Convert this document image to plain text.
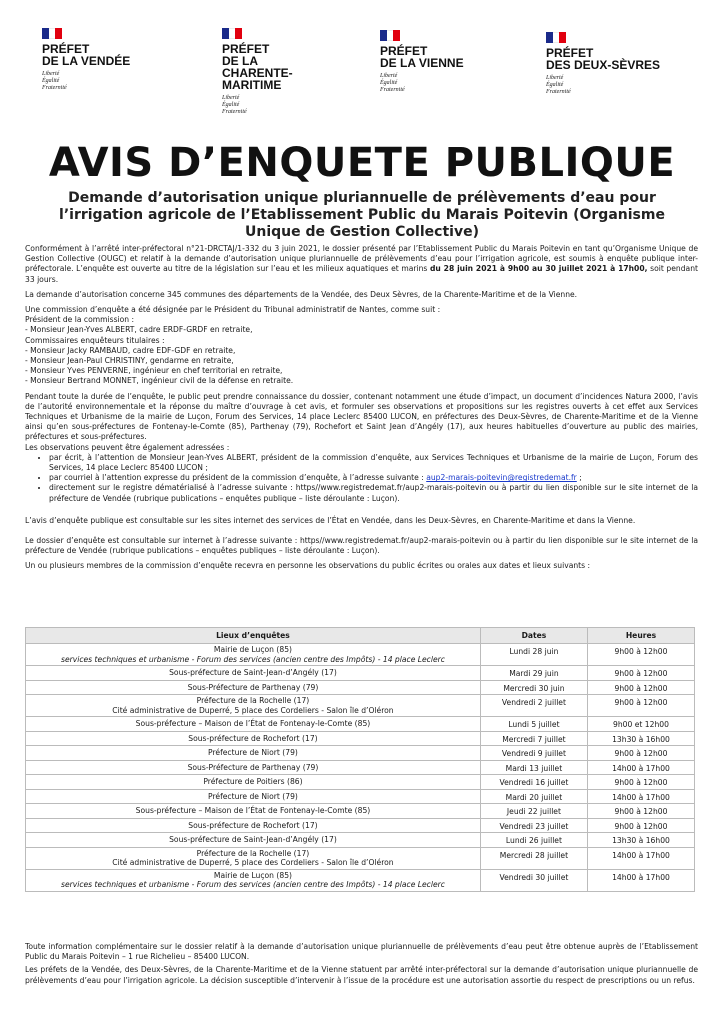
PRÉFET
DE LA VENDÉE
Liberté
Égalité
Fraternité
PRÉFET
DE LA
CHARENTE-
MARITIME
Liberté
Égalité
Fraternité
PRÉFET
DE LA VIENNE
Liberté
Égalité
Fraternité
PRÉFET
DES DEUX-SÈVRES
Liberté
Égalité
Fraternité
AVIS D’ENQUETE PUBLIQUE
Demande d’autorisation unique pluriannuelle de prélèvements d’eau pour l’irrigation agricole de l’Etablissement Public du Marais Poitevin (Organisme Unique de Gestion Collective)

Conformément à l’arrêté inter-préfectoral n°21-DRCTAJ/1-332 du 3 juin 2021, le dossier présenté par l’Etablissement Public du Marais Poitevin en tant qu’Organisme Unique de Gestion Collective (OUGC) et relatif à la demande d’autorisation unique pluriannuelle de prélèvements d’eau pour l’irrigation agricole, est soumis à enquête publique inter-préfectorale. L’enquête est ouverte au titre de la législation sur l’eau et les milieux aquatiques et marins du 28 juin 2021 à 9h00 au 30 juillet 2021 à 17h00, soit pendant 33 jours.

La demande d’autorisation concerne 345 communes des départements de la Vendée, des Deux Sèvres, de la Charente-Maritime et de la Vienne.

Une commission d’enquête a été désignée par le Président du Tribunal administratif de Nantes, comme suit :
Président de la commission :
- Monsieur Jean-Yves ALBERT, cadre ERDF-GRDF en retraite,
Commissaires enquêteurs titulaires :
- Monsieur Jacky RAMBAUD, cadre EDF-GDF en retraite,
- Monsieur Jean-Paul CHRISTINY, gendarme en retraite,
- Monsieur Yves PENVERNE, ingénieur en chef territorial en retraite,
- Monsieur Bertrand MONNET, ingénieur civil de la défense en retraite.

Pendant toute la durée de l’enquête, le public peut prendre connaissance du dossier, contenant notamment une étude d’impact, un document d’incidences Natura 2000, l’avis de l’autorité environnementale et la réponse du maître d’ouvrage à cet avis, et formuler ses observations et propositions sur les registres ouverts à cet effet aux Services Techniques et Urbanisme de la mairie de Luçon, Forum des Services, 14 place Leclerc 85400 LUCON, en préfectures des Deux-Sèvres, de Charente-Maritime et de la Vienne ainsi qu’en sous-préfectures de Fontenay-le-Comte (85), Parthenay (79), Rochefort et Saint Jean d’Angély (17), aux heures habituelles d’ouverture au public des mairies, préfectures et sous-préfectures.
Les observations peuvent être également adressées :

• par écrit, à l’attention de Monsieur Jean-Yves ALBERT, président de la commission d’enquête, aux Services Techniques et Urbanisme de la mairie de Luçon, Forum des Services, 14 place Leclerc 85400 LUCON ;
• par courriel à l’attention expresse du président de la commission d’enquête, à l’adresse suivante : aup2-marais-poitevin@registredemat.fr ;
• directement sur le registre dématérialisé à l’adresse suivante : https//www.registredemat.fr/aup2-marais-poitevin ou à partir du lien disponible sur le site internet de la préfecture de Vendée (rubrique publications – enquêtes publique – liste déroulante : Luçon).

L’avis d’enquête publique est consultable sur les sites internet des services de l’État en Vendée, dans les Deux-Sèvres, en Charente-Maritime et dans la Vienne.

Le dossier d’enquête est consultable sur internet à l’adresse suivante : https//www.registredemat.fr/aup2-marais-poitevin ou à partir du lien disponible sur le site internet de la préfecture de Vendée (rubrique publications – enquêtes publiques – liste déroulante : Luçon).

Un ou plusieurs membres de la commission d’enquête recevra en personne les observations du public écrites ou orales aux dates et lieux suivants :

Lieux d’enquêtes	Dates	Heures

Mairie de Luçon (85)
services techniques et urbanisme - Forum des services (ancien centre des Impôts) - 14 place Leclerc	Lundi 28 juin	9h00 à 12h00

Sous-préfecture de Saint-Jean-d’Angély (17)	Mardi 29 juin	9h00 à 12h00

Sous-Préfecture de Parthenay (79)	Mercredi 30 juin	9h00 à 12h00

Préfecture de la Rochelle (17)
Cité administrative de Duperré, 5 place des Cordeliers - Salon île d’Oléron	Vendredi 2 juillet	9h00 à 12h00

Sous-préfecture – Maison de l’État de Fontenay-le-Comte (85)	Lundi 5 juillet	9h00 et 12h00

Sous-préfecture de Rochefort (17)	Mercredi 7 juillet	13h30 à 16h00

Préfecture de Niort (79)	Vendredi 9 juillet	9h00 à 12h00

Sous-Préfecture de Parthenay (79)	Mardi 13 juillet	14h00 à 17h00

Préfecture de Poitiers (86)	Vendredi 16 juillet	9h00 à 12h00

Préfecture de Niort (79)	Mardi 20 juillet	14h00 à 17h00

Sous-préfecture – Maison de l’État de Fontenay-le-Comte (85)	Jeudi 22 juillet	9h00 à 12h00

Sous-préfecture de Rochefort (17)	Vendredi 23 juillet	9h00 à 12h00

Sous-préfecture de Saint-Jean-d’Angély (17)	Lundi 26 juillet	13h30 à 16h00

Préfecture de la Rochelle (17)
Cité administrative de Duperré, 5 place des Cordeliers - Salon île d’Oléron	Mercredi 28 juillet	14h00 à 17h00

Mairie de Luçon (85)
services techniques et urbanisme - Forum des services (ancien centre des Impôts) - 14 place Leclerc	Vendredi 30 juillet	14h00 à 17h00

Toute information complémentaire sur le dossier relatif à la demande d’autorisation unique pluriannuelle de prélèvements d’eau peut être obtenue auprès de l’Etablissement Public du Marais Poitevin – 1 rue Richelieu – 85400 LUCON.

Les préfets de la Vendée, des Deux-Sèvres, de la Charente-Maritime et de la Vienne statuent par arrêté inter-préfectoral sur la demande d’autorisation unique pluriannuelle de prélèvements d’eau pour l’irrigation agricole. La décision susceptible d’intervenir à l’issue de la procédure est une autorisation assortie du respect de prescriptions ou un refus.
